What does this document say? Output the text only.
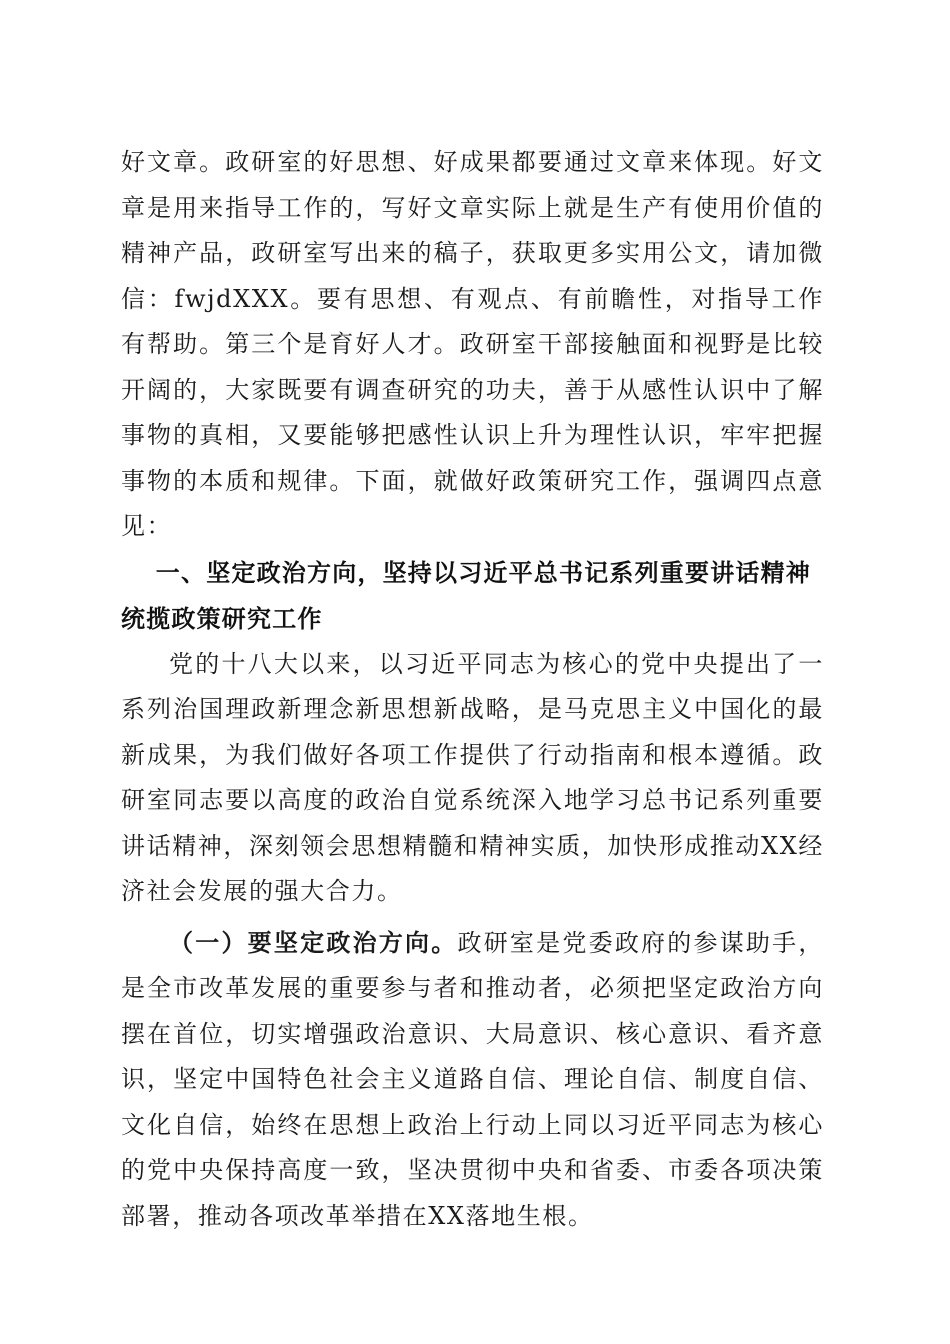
好文章。政研室的好思想、好成果都要通过文章来体现。好文章是用来指导工作的，写好文章实际上就是生产有使用价值的精神产品，政研室写出来的稿子，获取更多实用公文，请加微信：fwjdXXX。要有思想、有观点、有前瞻性，对指导工作有帮助。第三个是育好人才。政研室干部接触面和视野是比较开阔的，大家既要有调查研究的功夫，善于从感性认识中了解事物的真相，又要能够把感性认识上升为理性认识，牢牢把握事物的本质和规律。下面，就做好政策研究工作，强调四点意见：

一、坚定政治方向，坚持以习近平总书记系列重要讲话精神统揽政策研究工作

党的十八大以来，以习近平同志为核心的党中央提出了一系列治国理政新理念新思想新战略，是马克思主义中国化的最新成果，为我们做好各项工作提供了行动指南和根本遵循。政研室同志要以高度的政治自觉系统深入地学习总书记系列重要讲话精神，深刻领会思想精髓和精神实质，加快形成推动XX经济社会发展的强大合力。

（一）要坚定政治方向。政研室是党委政府的参谋助手，是全市改革发展的重要参与者和推动者，必须把坚定政治方向摆在首位，切实增强政治意识、大局意识、核心意识、看齐意识，坚定中国特色社会主义道路自信、理论自信、制度自信、文化自信，始终在思想上政治上行动上同以习近平同志为核心的党中央保持高度一致，坚决贯彻中央和省委、市委各项决策部署，推动各项改革举措在XX落地生根。
